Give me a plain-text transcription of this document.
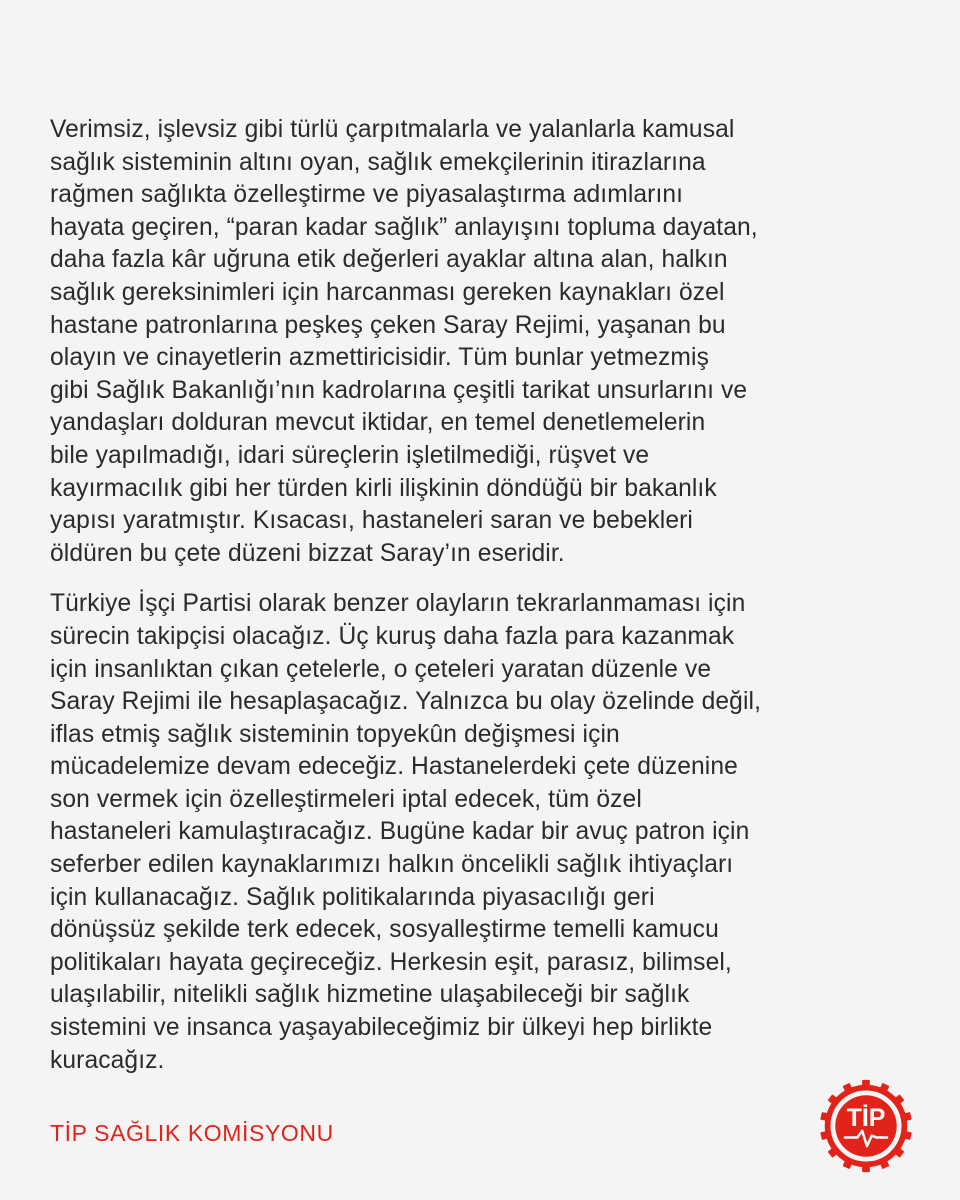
Verimsiz, işlevsiz gibi türlü çarpıtmalarla ve yalanlarla kamusal
sağlık sisteminin altını oyan, sağlık emekçilerinin itirazlarına
rağmen sağlıkta özelleştirme ve piyasalaştırma adımlarını
hayata geçiren, “paran kadar sağlık” anlayışını topluma dayatan,
daha fazla kâr uğruna etik değerleri ayaklar altına alan, halkın
sağlık gereksinimleri için harcanması gereken kaynakları özel
hastane patronlarına peşkeş çeken Saray Rejimi, yaşanan bu
olayın ve cinayetlerin azmettiricisidir. Tüm bunlar yetmezmiş
gibi Sağlık Bakanlığı’nın kadrolarına çeşitli tarikat unsurlarını ve
yandaşları dolduran mevcut iktidar, en temel denetlemelerin
bile yapılmadığı, idari süreçlerin işletilmediği, rüşvet ve
kayırmacılık gibi her türden kirli ilişkinin döndüğü bir bakanlık
yapısı yaratmıştır. Kısacası, hastaneleri saran ve bebekleri
öldüren bu çete düzeni bizzat Saray’ın eseridir.

Türkiye İşçi Partisi olarak benzer olayların tekrarlanmaması için
sürecin takipçisi olacağız. Üç kuruş daha fazla para kazanmak
için insanlıktan çıkan çetelerle, o çeteleri yaratan düzenle ve
Saray Rejimi ile hesaplaşacağız. Yalnızca bu olay özelinde değil,
iflas etmiş sağlık sisteminin topyekûn değişmesi için
mücadelemize devam edeceğiz. Hastanelerdeki çete düzenine
son vermek için özelleştirmeleri iptal edecek, tüm özel
hastaneleri kamulaştıracağız. Bugüne kadar bir avuç patron için
seferber edilen kaynaklarımızı halkın öncelikli sağlık ihtiyaçları
için kullanacağız. Sağlık politikalarında piyasacılığı geri
dönüşsüz şekilde terk edecek, sosyalleştirme temelli kamucu
politikaları hayata geçireceğiz. Herkesin eşit, parasız, bilimsel,
ulaşılabilir, nitelikli sağlık hizmetine ulaşabileceği bir sağlık
sistemini ve insanca yaşayabileceğimiz bir ülkeyi hep birlikte
kuracağız.

TİP SAĞLIK KOMİSYONU
TİP
